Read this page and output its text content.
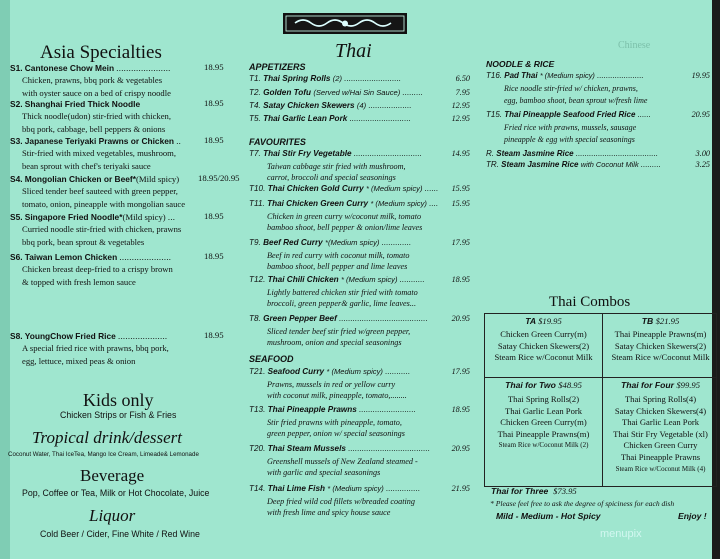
Chinese
Asia Specialties
S1. Cantonese Chow Mein ......................	18.95
Chicken, prawns, bbq pork & vegetables
with oyster sauce on a bed of crispy noodle
S2. Shanghai Fried Thick Noodle	18.95
Thick noodle(udon) stir-fried with chicken,
bbq pork, cabbage, bell peppers & onions
S3. Japanese Teriyaki Prawns or Chicken ..	18.95
Stir-fried with mixed vegetables, mushroom,
bean sprout with chef's teriyaki sauce
S4. Mongolian Chicken or Beef*(Mild spicy) 18.95/20.95
Sliced tender beef sauteed with green pepper,
tomato, onion, pineapple with mongolian sauce
S5. Singapore Fried Noodle*(Mild spicy) ...	18.95
Curried noodle stir-fried with chicken, prawns
bbq pork, bean sprout & vegetables
S6. Taiwan Lemon Chicken .....................	18.95
Chicken breast deep-fried to a crispy brown
& topped with fresh lemon sauce
S8. YoungChow Fried Rice ....................	18.95
A special fried rice with prawns, bbq pork,
egg, lettuce, mixed peas & onion
Kids only
Chicken Strips or Fish & Fries
Tropical drink/dessert
Coconut Water, Thai IceTea, Mango Ice Cream, Limeade& Lemonade
Beverage
Pop, Coffee or Tea, Milk or Hot Chocolate, Juice
Liquor
Cold Beer / Cider, Fine White / Red Wine
Thai
APPETIZERS
T1. Thai Spring Rolls (2) .........................	6.50
T2. Golden Tofu (Served w/Hai Sin Sauce) .........	7.95
T4. Satay Chicken Skewers (4) ...................	12.95
T5. Thai Garlic Lean Pork ...........................	12.95
FAVOURITES
T7. Thai Stir Fry Vegetable ..............................	14.95
Taiwan cabbage stir fried with mushroom,
carrot, broccoli and special seasonings
T10. Thai Chicken Gold Curry * (Medium spicy) ...... 15.95
T11. Thai Chicken Green Curry * (Medium spicy) .... 15.95
Chicken in green curry w/coconut milk, tomato
bamboo shoot, bell pepper & onion/lime leaves
T9. Beef Red Curry *(Medium spicy) .............	17.95
Beef in red curry with coconut milk, tomato
bamboo shoot, bell pepper and lime leaves
T12. Thai Chili Chicken * (Medium spicy) ...........	18.95
Lightly battered chicken stir fried with tomato
broccoli, green pepper& garlic, lime leaves...
T8. Green Pepper Beef .......................................	20.95
Sliced tender beef stir fried w/green pepper,
mushroom, onion and special seasonings
SEAFOOD
T21. Seafood Curry * (Medium spicy) ...........	17.95
Prawns, mussels in red or yellow curry
with coconut milk, pineapple, tomato,........
T13. Thai Pineapple Prawns .........................	18.95
Stir fried prawns with pineapple, tomato,
green pepper, onion w/ special seasonings
T20. Thai Steam Mussels ....................................	20.95
Greenshell mussels of New Zealand steamed -
with garlic and special seasonings
T14. Thai Lime Fish * (Medium spicy) ...............	21.95
Deep fried wild cod fillets w/breaded coating
with fresh lime and spicy house sauce
NOODLE & RICE
T16. Pad Thai * (Medium spicy) .....................	19.95
Rice noodle stir-fried w/ chicken, prawns,
egg, bamboo shoot, bean sprout w/fresh lime
T15. Thai Pineapple Seafood Fried Rice ......	20.95
Fried rice with prawns, mussels, sausage
pineapple & egg with special seasonings
R. Steam Jasmine Rice .....................................	3.00
TR. Steam Jasmine Rice with Coconut Milk .........	3.25
Thai Combos
TA $19.95
Chicken Green Curry(m)
Satay Chicken Skewers(2)
Steam Rice w/Coconut Milk
TB $21.95
Thai Pineapple Prawns(m)
Satay Chicken Skewers(2)
Steam Rice w/Coconut Milk
Thai for Two $48.95
Thai Spring Rolls(2)
Thai Garlic Lean Pork
Chicken Green Curry(m)
Thai Pineapple Prawns(m)
Steam Rice w/Coconut Milk (2)
Thai for Four $99.95
Thai Spring Rolls(4)
Satay Chicken Skewers(4)
Thai Garlic Lean Pork
Thai Stir Fry Vegetable (xl)
Chicken Green Curry
Thai Pineapple Prawns
Steam Rice w/Coconut Milk (4)
Thai for Three $73.95
* Please feel free to ask the degree of spiciness for each dish
Mild - Medium - Hot Spicy	Enjoy !
menupix
